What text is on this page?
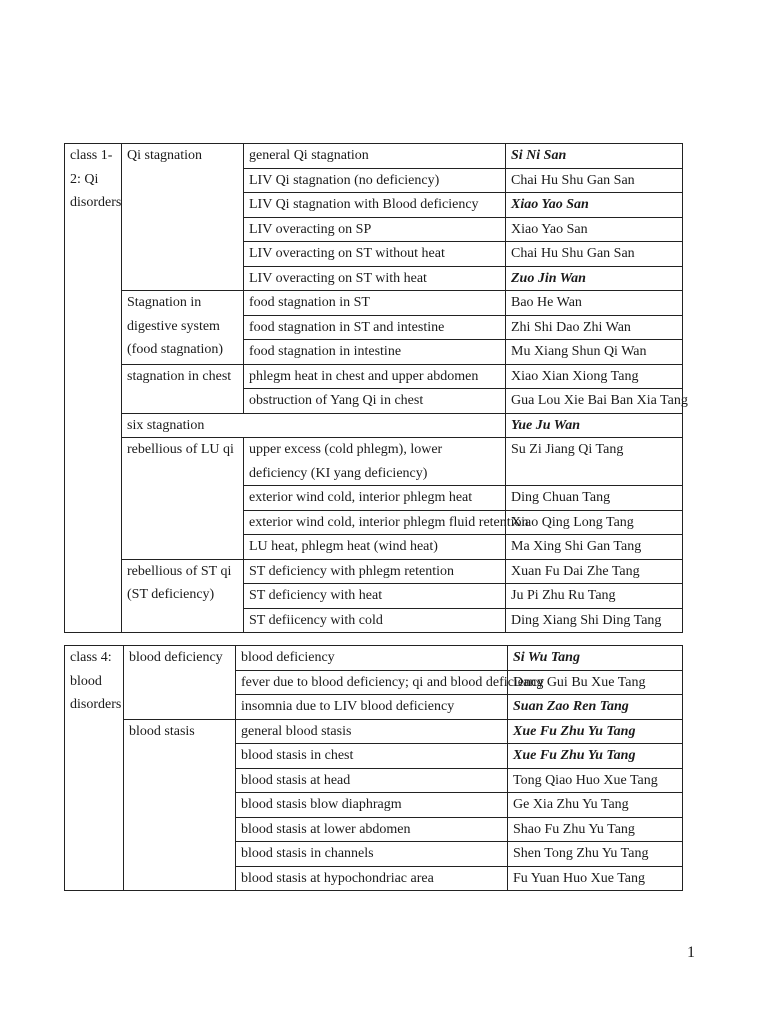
class 1-2: Qi disorders	Qi stagnation	general Qi stagnation	Si Ni San
		LIV Qi stagnation (no deficiency)	Chai Hu Shu Gan San
		LIV Qi stagnation with Blood deficiency	Xiao Yao San
		LIV overacting on SP	Xiao Yao San
		LIV overacting on ST without heat	Chai Hu Shu Gan San
		LIV overacting on ST with heat	Zuo Jin Wan
	Stagnation in digestive system (food stagnation)	food stagnation in ST	Bao He Wan
		food stagnation in ST and intestine	Zhi Shi Dao Zhi Wan
		food stagnation in intestine	Mu Xiang Shun Qi Wan
	stagnation in chest	phlegm heat in chest and upper abdomen	Xiao Xian Xiong Tang
		obstruction of Yang Qi in chest	Gua Lou Xie Bai Ban Xia Tang
	six stagnation		Yue Ju Wan
	rebellious of LU qi	upper excess (cold phlegm), lower deficiency (KI yang deficiency)	Su Zi Jiang Qi Tang
		exterior wind cold, interior phlegm heat	Ding Chuan Tang
		exterior wind cold, interior phlegm fluid retention	Xiao Qing Long Tang
		LU heat, phlegm heat (wind heat)	Ma Xing Shi Gan Tang
	rebellious of ST qi (ST deficiency)	ST deficiency with phlegm retention	Xuan Fu Dai Zhe Tang
		ST deficiency with heat	Ju Pi Zhu Ru Tang
		ST defiicency with cold	Ding Xiang Shi Ding Tang
class 4: blood disorders	blood deficiency	blood deficiency	Si Wu Tang
		fever due to blood deficiency; qi and blood deficiency	Dang Gui Bu Xue Tang
		insomnia due to LIV blood deficiency	Suan Zao Ren Tang
	blood stasis	general blood stasis	Xue Fu Zhu Yu Tang
		blood stasis in chest	Xue Fu Zhu Yu Tang
		blood stasis at head	Tong Qiao Huo Xue Tang
		blood stasis blow diaphragm	Ge Xia Zhu Yu Tang
		blood stasis at lower abdomen	Shao Fu Zhu Yu Tang
		blood stasis in channels	Shen Tong Zhu Yu Tang
		blood stasis at hypochondriac area	Fu Yuan Huo Xue Tang
1
